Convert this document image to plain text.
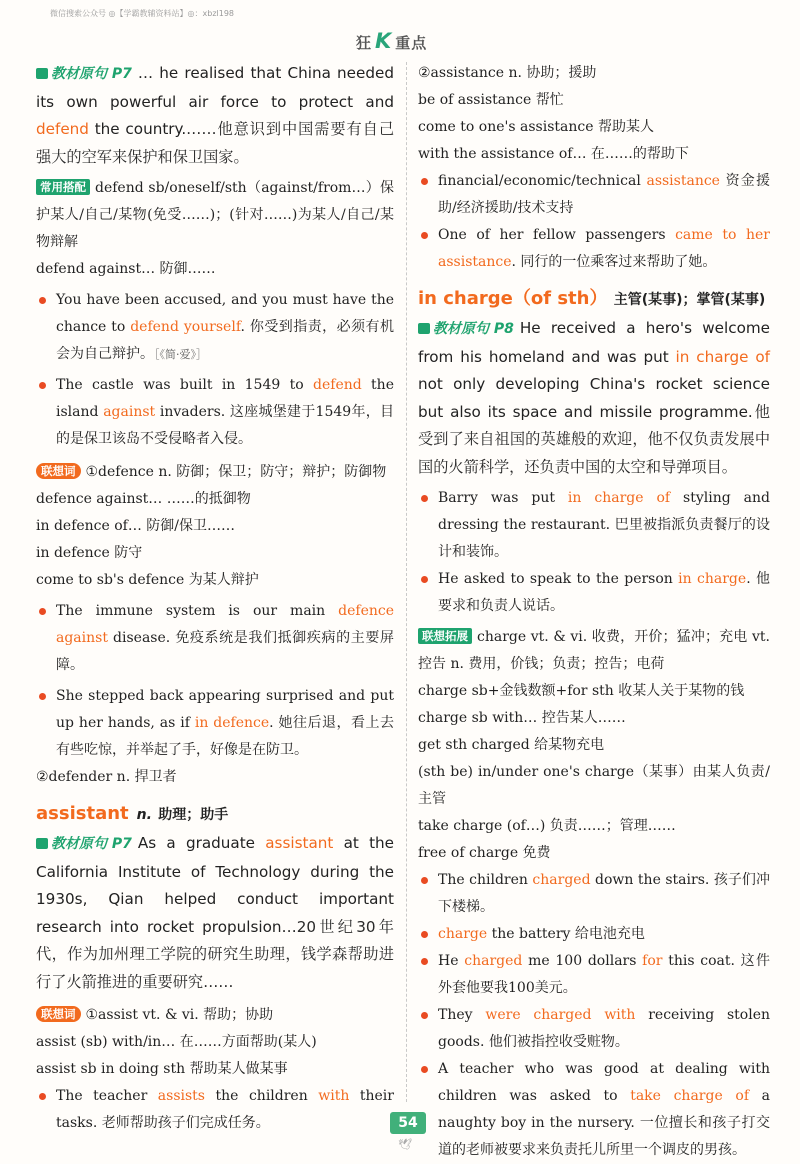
微信搜索公众号 ◎【学霸教辅资料站】◎：xbzl198
狂 K 重点

教材原句 P7 … he realised that China needed its own powerful air force to protect and defend the country.……他意识到中国需要有自己强大的空军来保护和保卫国家。

常用搭配 defend sb/oneself/sth（against/from…）保护某人/自己/某物(免受……)；(针对……)为某人/自己/某物辩解

defend against… 防御……

You have been accused, and you must have the chance to defend yourself. 你受到指责，必须有机会为自己辩护。［《简·爱》］

The castle was built in 1549 to defend the island against invaders. 这座城堡建于1549年，目的是保卫该岛不受侵略者入侵。

联想词 ①defence n. 防御；保卫；防守；辩护；防御物

defence against… ……的抵御物

in defence of… 防御/保卫……

in defence 防守

come to sb's defence 为某人辩护

The immune system is our main defence against disease. 免疫系统是我们抵御疾病的主要屏障。

She stepped back appearing surprised and put up her hands, as if in defence. 她往后退，看上去有些吃惊，并举起了手，好像是在防卫。

②defender n. 捍卫者

assistant n. 助理；助手

教材原句 P7 As a graduate assistant at the California Institute of Technology during the 1930s, Qian helped conduct important research into rocket propulsion…20世纪30年代，作为加州理工学院的研究生助理，钱学森帮助进行了火箭推进的重要研究……

联想词 ①assist vt. & vi. 帮助；协助

assist (sb) with/in… 在……方面帮助(某人)

assist sb in doing sth 帮助某人做某事

The teacher assists the children with their tasks. 老师帮助孩子们完成任务。

②assistance n. 协助；援助

be of assistance 帮忙

come to one's assistance 帮助某人

with the assistance of… 在……的帮助下

financial/economic/technical assistance 资金援助/经济援助/技术支持

One of her fellow passengers came to her assistance. 同行的一位乘客过来帮助了她。

in charge（of sth） 主管(某事)；掌管(某事)

教材原句 P8 He received a hero's welcome from his homeland and was put in charge of not only developing China's rocket science but also its space and missile programme.他受到了来自祖国的英雄般的欢迎，他不仅负责发展中国的火箭科学，还负责中国的太空和导弹项目。

Barry was put in charge of styling and dressing the restaurant. 巴里被指派负责餐厅的设计和装饰。

He asked to speak to the person in charge. 他要求和负责人说话。

联想拓展 charge vt. & vi. 收费，开价；猛冲；充电 vt. 控告 n. 费用，价钱；负责；控告；电荷

charge sb+金钱数额+for sth 收某人关于某物的钱

charge sb with… 控告某人……

get sth charged 给某物充电

(sth be) in/under one's charge（某事）由某人负责/主管

take charge (of…) 负责……；管理……

free of charge 免费

The children charged down the stairs. 孩子们冲下楼梯。

charge the battery 给电池充电

He charged me 100 dollars for this coat. 这件外套他要我100美元。

They were charged with receiving stolen goods. 他们被指控收受赃物。

A teacher who was good at dealing with children was asked to take charge of a naughty boy in the nursery. 一位擅长和孩子打交道的老师被要求来负责托儿所里一个调皮的男孩。

54
🕊
